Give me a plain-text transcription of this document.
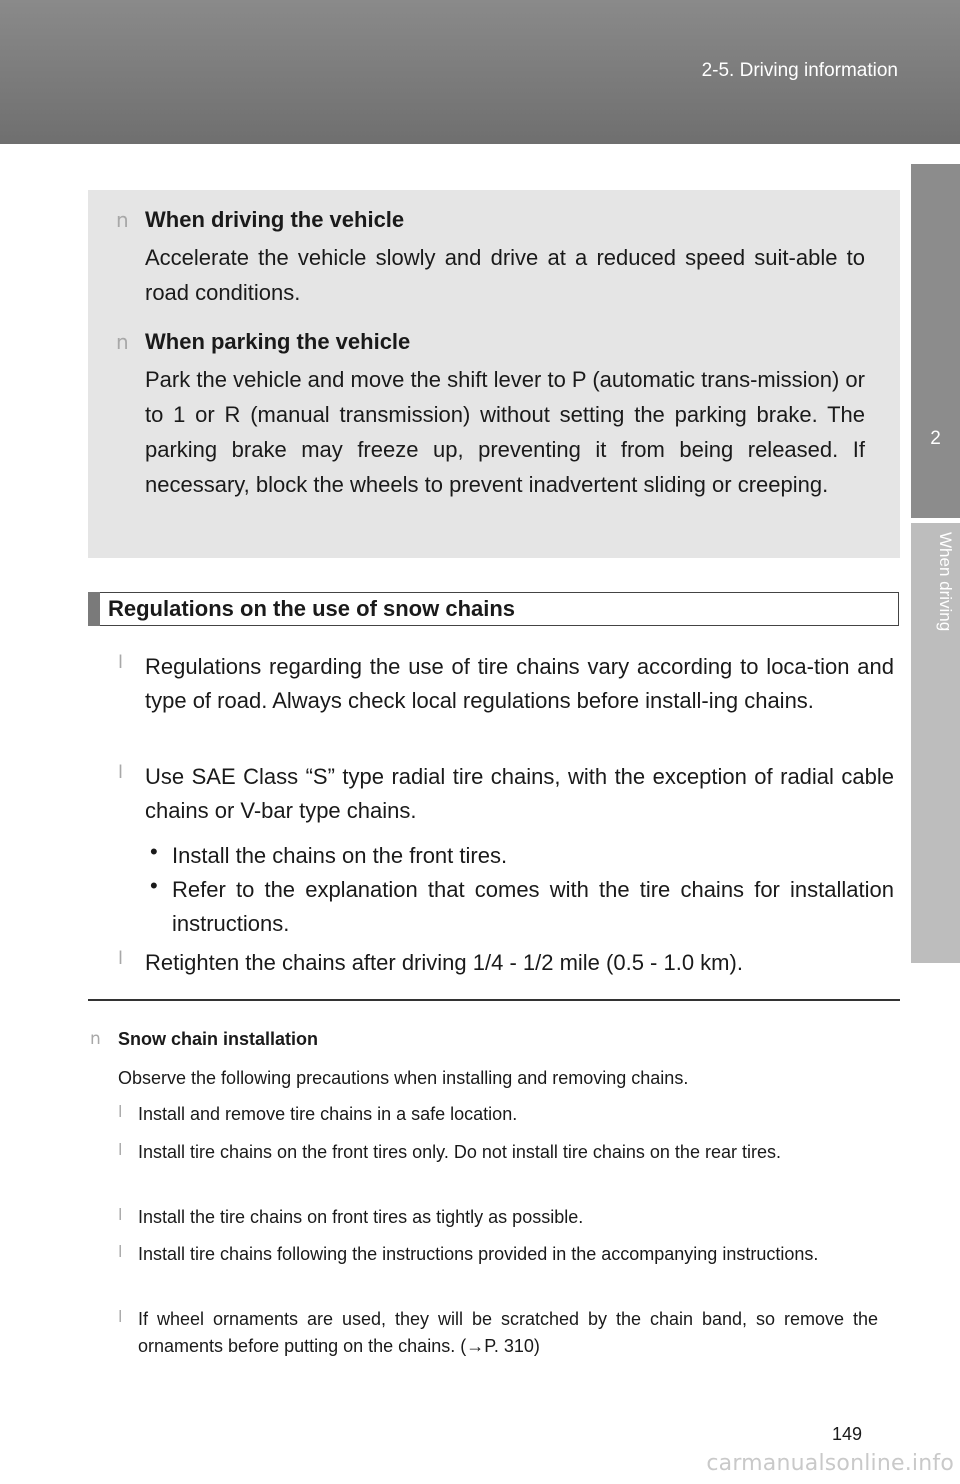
2-5. Driving information
2
When driving
n When driving the vehicle
Accelerate the vehicle slowly and drive at a reduced speed suit-able to road conditions.
n When parking the vehicle
Park the vehicle and move the shift lever to P (automatic trans-mission) or to 1 or R (manual transmission) without setting the parking brake. The parking brake may freeze up, preventing it from being released. If necessary, block the wheels to prevent inadvertent sliding or creeping.
Regulations on the use of snow chains
l Regulations regarding the use of tire chains vary according to loca-tion and type of road. Always check local regulations before install-ing chains.
l Use SAE Class “S” type radial tire chains, with the exception of radial cable chains or V-bar type chains.
• Install the chains on the front tires.
• Refer to the explanation that comes with the tire chains for installation instructions.
l Retighten the chains after driving 1/4 - 1/2 mile (0.5 - 1.0 km).
n Snow chain installation
Observe the following precautions when installing and removing chains.
l Install and remove tire chains in a safe location.
l Install tire chains on the front tires only. Do not install tire chains on the rear tires.
l Install the tire chains on front tires as tightly as possible.
l Install tire chains following the instructions provided in the accompanying instructions.
l If wheel ornaments are used, they will be scratched by the chain band, so remove the ornaments before putting on the chains. (→P. 310)
149
carmanualsonline.info
